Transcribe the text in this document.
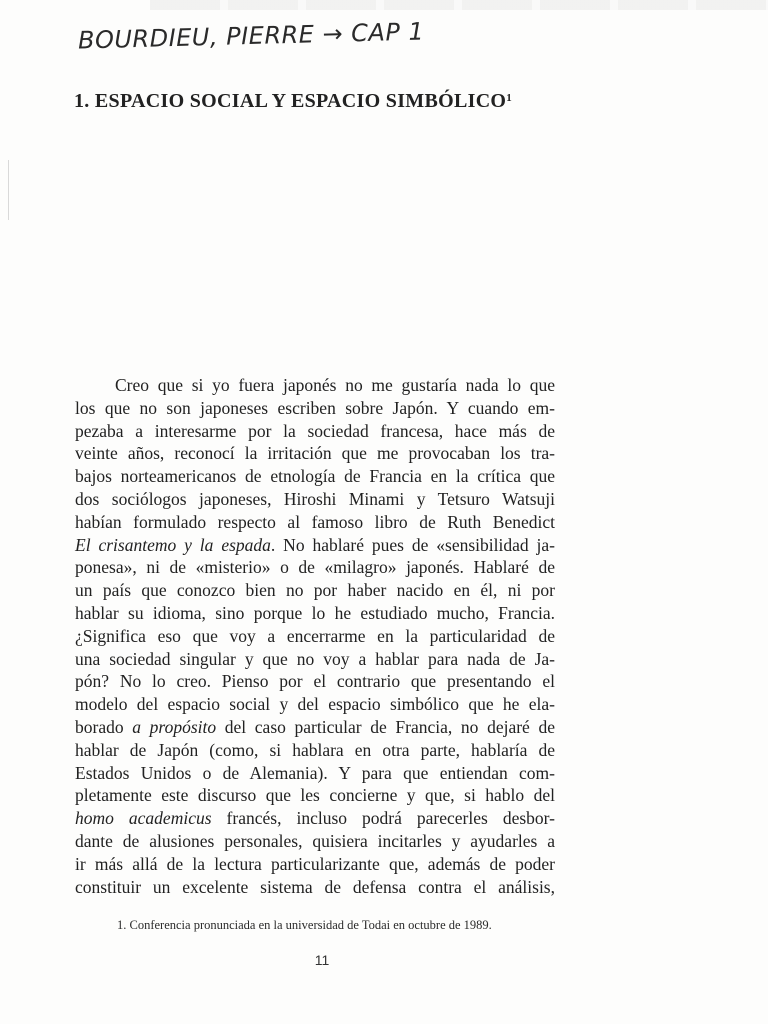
BOURDIEU, PIERRE → CAP 1
1. ESPACIO SOCIAL Y ESPACIO SIMBÓLICO$^1$
Creo que si yo fuera japonés no me gustaría nada lo que
los que no son japoneses escriben sobre Japón. Y cuando em-
pezaba a interesarme por la sociedad francesa, hace más de
veinte años, reconocí la irritación que me provocaban los tra-
bajos norteamericanos de etnología de Francia en la crítica que
dos sociólogos japoneses, Hiroshi Minami y Tetsuro Watsuji
habían formulado respecto al famoso libro de Ruth Benedict
El crisantemo y la espada. No hablaré pues de «sensibilidad ja-
ponesa», ni de «misterio» o de «milagro» japonés. Hablaré de
un país que conozco bien no por haber nacido en él, ni por
hablar su idioma, sino porque lo he estudiado mucho, Francia.
¿Significa eso que voy a encerrarme en la particularidad de
una sociedad singular y que no voy a hablar para nada de Ja-
pón? No lo creo. Pienso por el contrario que presentando el
modelo del espacio social y del espacio simbólico que he ela-
borado a propósito del caso particular de Francia, no dejaré de
hablar de Japón (como, si hablara en otra parte, hablaría de
Estados Unidos o de Alemania). Y para que entiendan com-
pletamente este discurso que les concierne y que, si hablo del
homo academicus francés, incluso podrá parecerles desbor-
dante de alusiones personales, quisiera incitarles y ayudarles a
ir más allá de la lectura particularizante que, además de poder
constituir un excelente sistema de defensa contra el análisis,
1. Conferencia pronunciada en la universidad de Todai en octubre de 1989.
11
